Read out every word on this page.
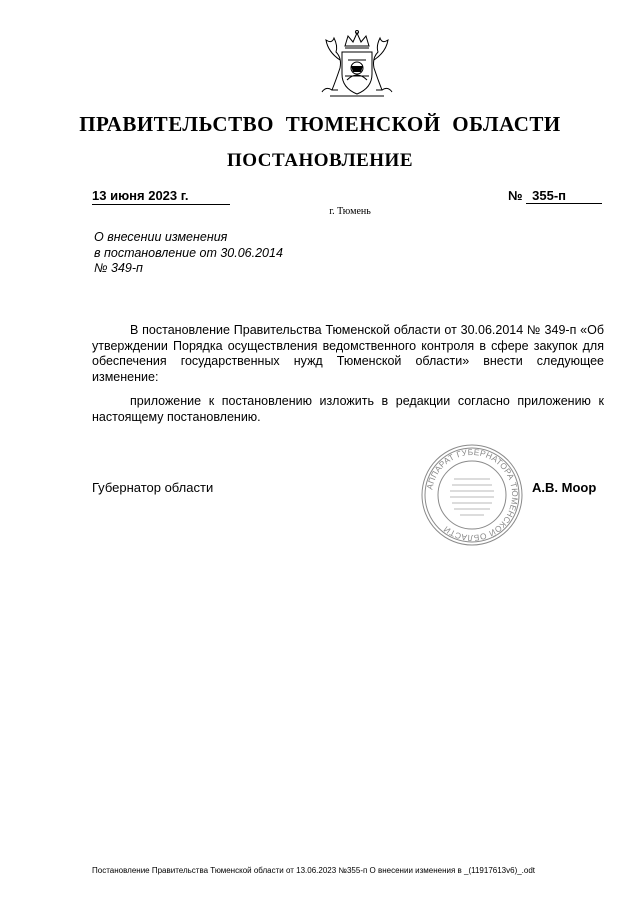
ПРАВИТЕЛЬСТВО ТЮМЕНСКОЙ ОБЛАСТИ
ПОСТАНОВЛЕНИЕ
13 июня 2023 г.	№ 355-п
г. Тюмень
О внесении изменения
в постановление от 30.06.2014
№ 349-п

В постановление Правительства Тюменской области от 30.06.2014 № 349-п «Об утверждении Порядка осуществления ведомственного контроля в сфере закупок для обеспечения государственных нужд Тюменской области» внести следующее изменение:

приложение к постановлению изложить в редакции согласно приложению к настоящему постановлению.

АППАРАТ ГУБЕРНАТОРА ТЮМЕНСКОЙ ОБЛАСТИ
Губернатор области	А.В. Моор
Постановление Правительства Тюменской области от 13.06.2023 №355-п О внесении изменения в _(11917613v6)_.odt
